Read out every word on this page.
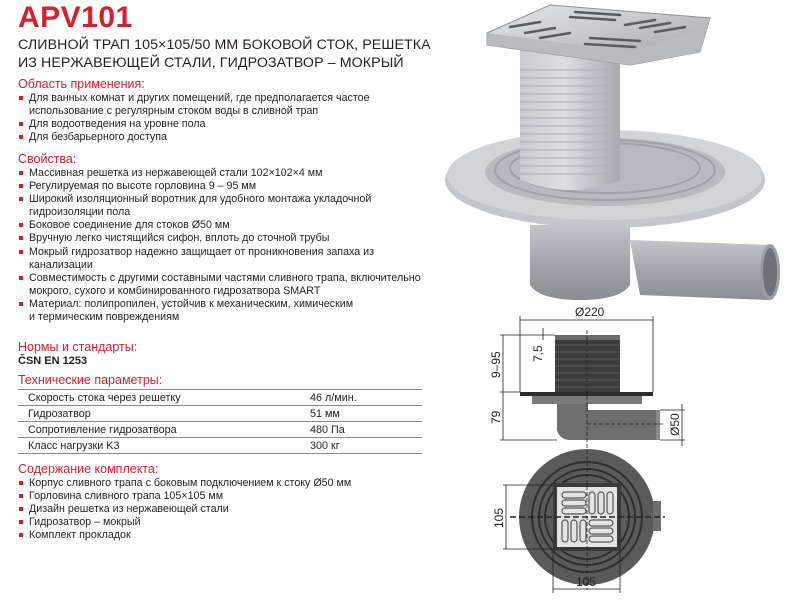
APV101
СЛИВНОЙ ТРАП 105×105/50 ММ БОКОВОЙ СТОК, РЕШЕТКА
ИЗ НЕРЖАВЕЮЩЕЙ СТАЛИ, ГИДРОЗАТВОР – МОКРЫЙ
Область применения:
Для ванных комнат и других помещений, где предполагается частое
использование с регулярным стоком воды в сливной трап
Для водоотведения на уровне пола
Для безбарьерного доступа
Свойства:
Массивная решетка из нержавеющей стали 102×102×4 мм
Регулируемая по высоте горловина 9 – 95 мм
Широкий изоляционный воротник для удобного монтажа укладочной
гидроизоляции пола
Боковое соединение для стоков Ø50 мм
Вручную легко чистящийся сифон, вплоть до сточной трубы
Мокрый гидрозатвор надежно защищает от проникновения запаха из
канализации
Совместимость с другими составными частями сливного трапа, включительно
мокрого, сухого и комбинированного гидрозатвора SMART
Материал: полипропилен, устойчив к механическим, химическим
и термическим повреждениям
Нормы и стандарты:
ČSN EN 1253
Технические параметры:
Скорость стока через решетку	46 л/мин.
Гидрозатвор	51 мм
Сопротивление гидрозатвора	480 Па
Класс нагрузки K3	300 кг
Содержание комплекта:
Корпус сливного трапа с боковым подключением к стоку Ø50 мм
Горловина сливного трапа 105×105 мм
Дизайн решетка из нержавеющей стали
Гидрозатвор – мокрый
Комплект прокладок
Ø220
9–95 7,5
79	Ø50
105
105
